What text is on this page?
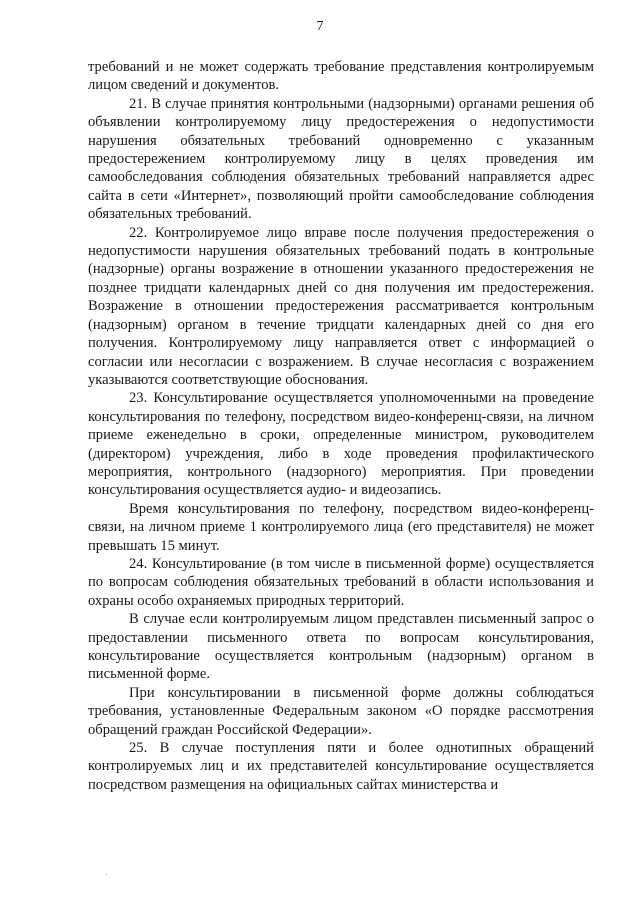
7

требований и не может содержать требование представления контролируемым лицом сведений и документов.

21. В случае принятия контрольными (надзорными) органами решения об объявлении контролируемому лицу предостережения о недопустимости нарушения обязательных требований одновременно с указанным предостережением контролируемому лицу в целях проведения им самообследования соблюдения обязательных требований направляется адрес сайта в сети «Интернет», позволяющий пройти самообследование соблюдения обязательных требований.

22. Контролируемое лицо вправе после получения предостережения о недопустимости нарушения обязательных требований подать в контрольные (надзорные) органы возражение в отношении указанного предостережения не позднее тридцати календарных дней со дня получения им предостережения. Возражение в отношении предостережения рассматривается контрольным (надзорным) органом в течение тридцати календарных дней со дня его получения. Контролируемому лицу направляется ответ с информацией о согласии или несогласии с возражением. В случае несогласия с возражением указываются соответствующие обоснования.

23. Консультирование осуществляется уполномоченными на проведение консультирования по телефону, посредством видео-конференц-связи, на личном приеме еженедельно в сроки, определенные министром, руководителем (директором) учреждения, либо в ходе проведения профилактического мероприятия, контрольного (надзорного) мероприятия. При проведении консультирования осуществляется аудио- и видеозапись.

Время консультирования по телефону, посредством видео-конференц-связи, на личном приеме 1 контролируемого лица (его представителя) не может превышать 15 минут.

24. Консультирование (в том числе в письменной форме) осуществляется по вопросам соблюдения обязательных требований в области использования и охраны особо охраняемых природных территорий.

В случае если контролируемым лицом представлен письменный запрос о предоставлении письменного ответа по вопросам консультирования, консультирование осуществляется контрольным (надзорным) органом в письменной форме.

При консультировании в письменной форме должны соблюдаться требования, установленные Федеральным законом «О порядке рассмотрения обращений граждан Российской Федерации».

25. В случае поступления пяти и более однотипных обращений контролируемых лиц и их представителей консультирование осуществляется посредством размещения на официальных сайтах министерства и
